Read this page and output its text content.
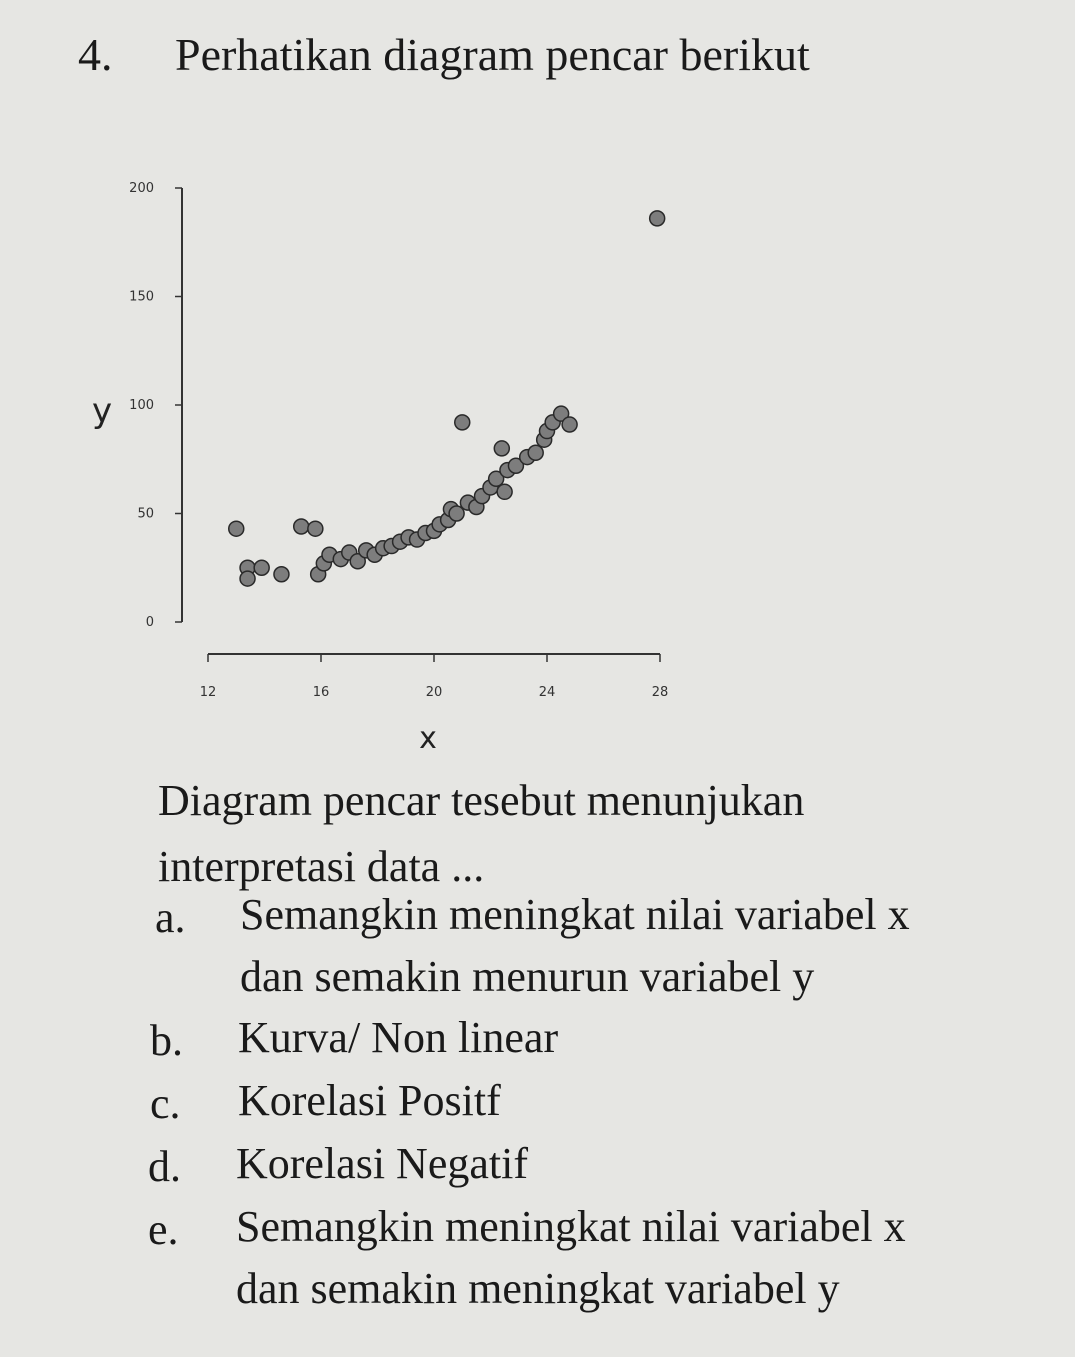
4. Perhatikan diagram pencar berikut
0
50
100
150
200
12	16	20	24	28
y
x
Diagram pencar tesebut menunjukan
interpretasi data ...
a. Semangkin meningkat nilai variabel x
dan semakin menurun variabel y
b. Kurva/ Non linear
c. Korelasi Positf
d. Korelasi Negatif
e. Semangkin meningkat nilai variabel x
dan semakin meningkat variabel y
